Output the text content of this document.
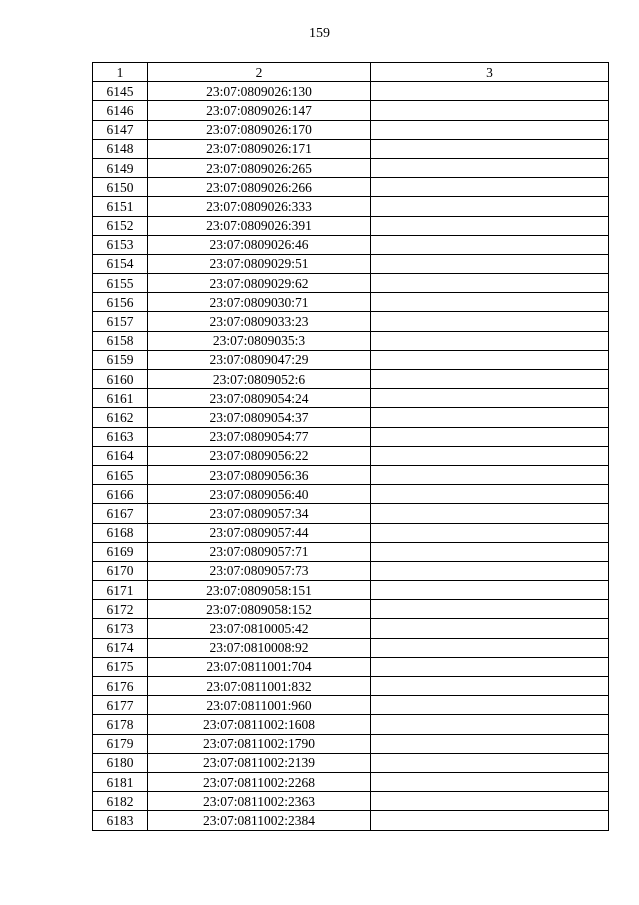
159
1	2	3
6145	23:07:0809026:130	
6146	23:07:0809026:147	
6147	23:07:0809026:170	
6148	23:07:0809026:171	
6149	23:07:0809026:265	
6150	23:07:0809026:266	
6151	23:07:0809026:333	
6152	23:07:0809026:391	
6153	23:07:0809026:46	
6154	23:07:0809029:51	
6155	23:07:0809029:62	
6156	23:07:0809030:71	
6157	23:07:0809033:23	
6158	23:07:0809035:3	
6159	23:07:0809047:29	
6160	23:07:0809052:6	
6161	23:07:0809054:24	
6162	23:07:0809054:37	
6163	23:07:0809054:77	
6164	23:07:0809056:22	
6165	23:07:0809056:36	
6166	23:07:0809056:40	
6167	23:07:0809057:34	
6168	23:07:0809057:44	
6169	23:07:0809057:71	
6170	23:07:0809057:73	
6171	23:07:0809058:151	
6172	23:07:0809058:152	
6173	23:07:0810005:42	
6174	23:07:0810008:92	
6175	23:07:0811001:704	
6176	23:07:0811001:832	
6177	23:07:0811001:960	
6178	23:07:0811002:1608	
6179	23:07:0811002:1790	
6180	23:07:0811002:2139	
6181	23:07:0811002:2268	
6182	23:07:0811002:2363	
6183	23:07:0811002:2384	
